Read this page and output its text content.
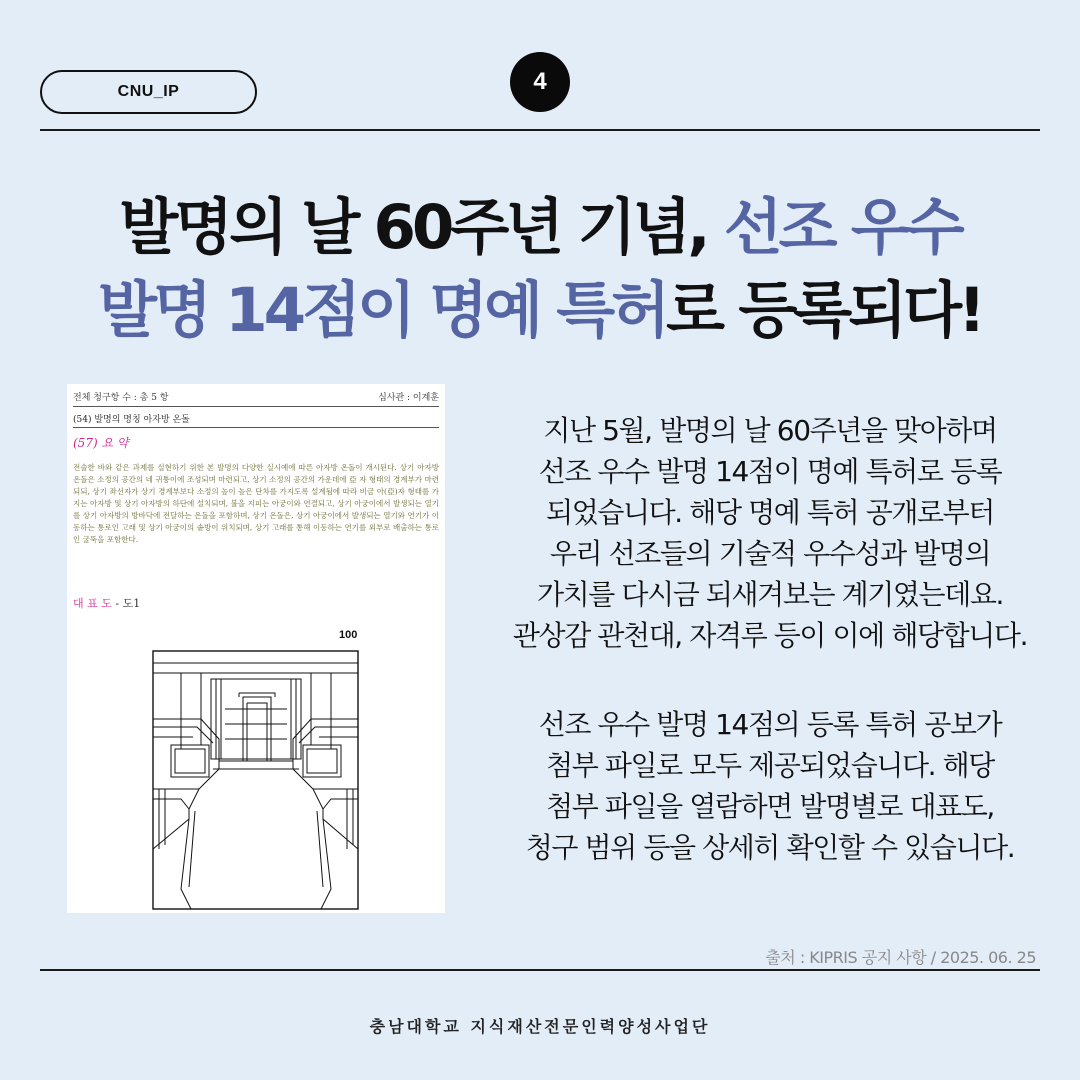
CNU_IP	4
발명의 날 60주년 기념, 선조 우수
발명 14점이 명예 특허로 등록되다!
전체 청구항 수 : 총 5 항	심사관 : 이계훈
(54) 발명의 명칭 아자방 온돌
(57) 요 약
전술한 바와 같은 과제를 실현하기 위한 본 발명의 다양한 실시예에 따른 아자방 온돌이 개시된다. 상기 아자방 온돌은 소정의 공간의 네 귀퉁이에 조성되며 마련되고, 상기 소정의 공간의 가운데에 亞 자 형태의 경계부가 마련되되, 상기 좌선자가 상기 경계부보다 소정의 높이 높은 단차를 가지도록 설계됨에 따라 비금 아(亞)자 형태를 가지는 아자방 및 상기 아자방의 하단에 설치되며, 불을 지피는 아궁이와 연결되고, 상기 아궁이에서 발생되는 열기를 상기 아자방의 방바닥에 전달하는 온돌을 포함하며, 상기 온돌은, 상기 아궁이에서 발생되는 열기와 연기가 이동하는 통로인 고래 및 상기 아궁이의 솥방이 위치되며, 상기 고래를 통해 이동하는 연기를 외부로 배출하는 통로인 굴뚝을 포함한다.
대 표 도 - 도1
100
지난 5월, 발명의 날 60주년을 맞아하며
선조 우수 발명 14점이 명예 특허로 등록
되었습니다. 해당 명예 특허 공개로부터
우리 선조들의 기술적 우수성과 발명의
가치를 다시금 되새겨보는 계기였는데요.
관상감 관천대, 자격루 등이 이에 해당합니다.
선조 우수 발명 14점의 등록 특허 공보가
첨부 파일로 모두 제공되었습니다. 해당
첨부 파일을 열람하면 발명별로 대표도,
청구 범위 등을 상세히 확인할 수 있습니다.
출처 : KIPRIS 공지 사항 / 2025. 06. 25
충남대학교 지식재산전문인력양성사업단
